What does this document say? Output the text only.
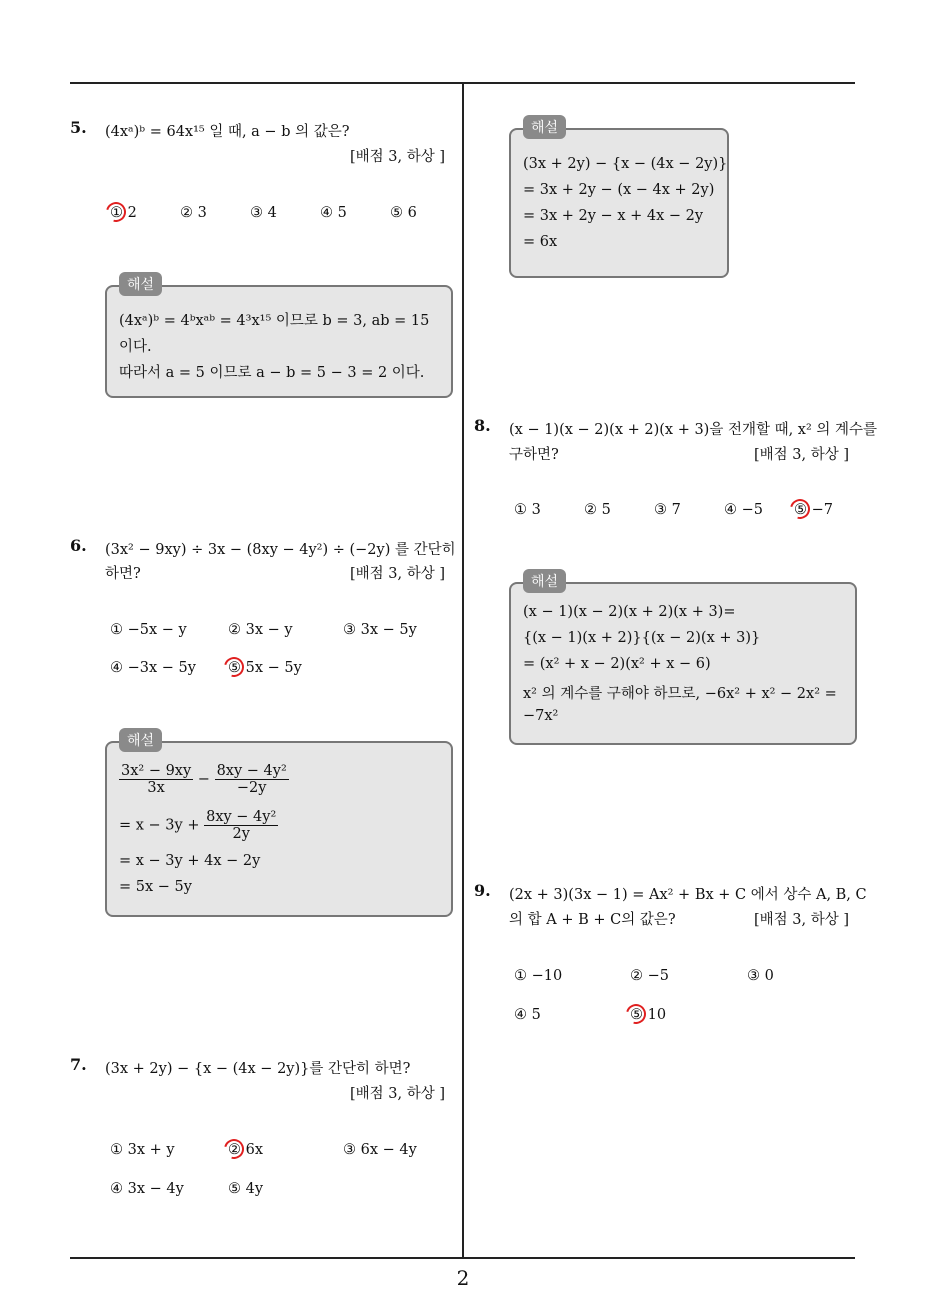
5. (4xᵃ)ᵇ = 64x¹⁵ 일 때, a − b 의 값은?
[배점 3, 하상 ]
① 2	② 3	③ 4	④ 5	⑤ 6
해설
(4xᵃ)ᵇ = 4ᵇxᵃᵇ = 4³x¹⁵ 이므로 b = 3, ab = 15
이다.
따라서 a = 5 이므로 a − b = 5 − 3 = 2 이다.
6. (3x² − 9xy) ÷ 3x − (8xy − 4y²) ÷ (−2y) 를 간단히
하면?	[배점 3, 하상 ]
① −5x − y	② 3x − y	③ 3x − 5y
④ −3x − 5y ⑤ 5x − 5y
해설
$\frac{\text{3x² − 9xy}}{3x} - \frac{\text{8xy − 4y²}}{-2y}$
= $x - 3y + \frac{\text{8xy − 4y²}}{2y}$
= x − 3y + 4x − 2y
= 5x − 5y
7. (3x + 2y) − {x − (4x − 2y)}를 간단히 하면?
[배점 3, 하상 ]
① 3x + y	② 6x	③ 6x − 4y
④ 3x − 4y	⑤ 4y
해설
(3x + 2y) − {x − (4x − 2y)}
= 3x + 2y − (x − 4x + 2y)
= 3x + 2y − x + 4x − 2y
= 6x
8. (x − 1)(x − 2)(x + 2)(x + 3)을 전개할 때, x² 의 계수를
구하면?	[배점 3, 하상 ]
① 3	② 5	③ 7	④ −5 ⑤ −7
해설
(x − 1)(x − 2)(x + 2)(x + 3)=
{(x − 1)(x + 2)}{(x − 2)(x + 3)}
= (x² + x − 2)(x² + x − 6)
x² 의 계수를 구해야 하므로, −6x² + x² − 2x² =
−7x²
9. (2x + 3)(3x − 1) = Ax² + Bx + C 에서 상수 A, B, C
의 합 A + B + C의 값은?	[배점 3, 하상 ]
① −10	② −5	③ 0
④ 5	⑤ 10
2
